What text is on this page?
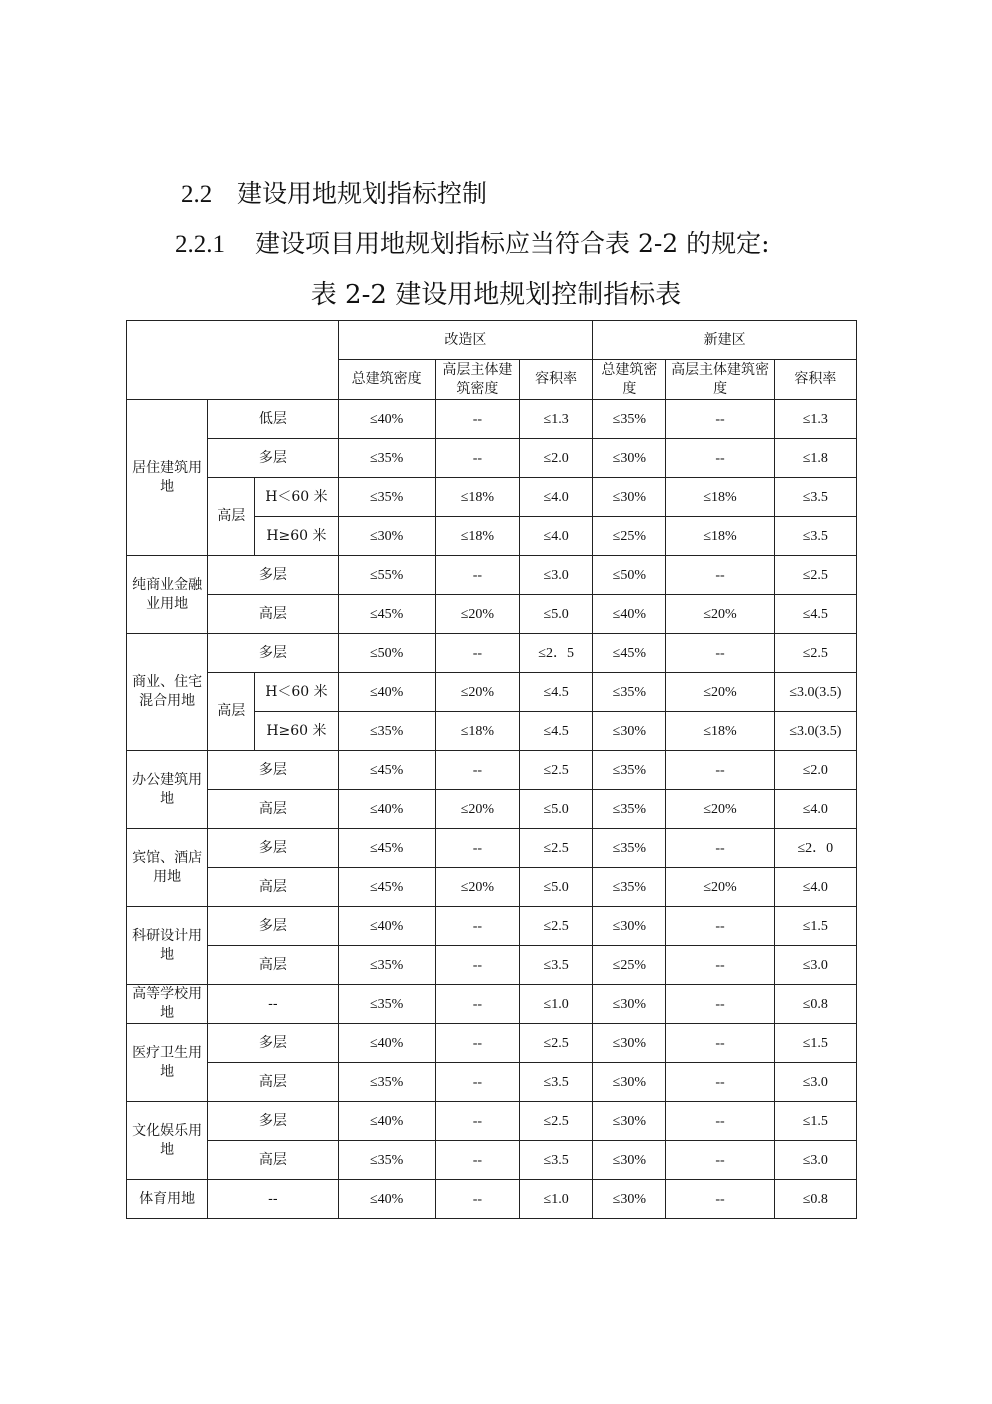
2.2 建设用地规划指标控制
2.2.1 建设项目用地规划指标应当符合表 2-2 的规定:
表 2-2 建设用地规划控制指标表
			改造区			新建区		
			总建筑密度	高层主体建筑密度	容积率	总建筑密度	高层主体建筑密度	容积率
居住建筑用地	低层		≤40%	--	≤1.3	≤35%	--	≤1.3
	多层		≤35%	--	≤2.0	≤30%	--	≤1.8
	高层	H＜60 米	≤35%	≤18%	≤4.0	≤30%	≤18%	≤3.5
		H≥60 米	≤30%	≤18%	≤4.0	≤25%	≤18%	≤3.5
纯商业金融业用地	多层		≤55%	--	≤3.0	≤50%	--	≤2.5
	高层		≤45%	≤20%	≤5.0	≤40%	≤20%	≤4.5
商业、住宅混合用地	多层		≤50%	--	≤2．5	≤45%	--	≤2.5
	高层	H＜60 米	≤40%	≤20%	≤4.5	≤35%	≤20%	≤3.0(3.5)
		H≥60 米	≤35%	≤18%	≤4.5	≤30%	≤18%	≤3.0(3.5)
办公建筑用地	多层		≤45%	--	≤2.5	≤35%	--	≤2.0
	高层		≤40%	≤20%	≤5.0	≤35%	≤20%	≤4.0
宾馆、酒店用地	多层		≤45%	--	≤2.5	≤35%	--	≤2．0
	高层		≤45%	≤20%	≤5.0	≤35%	≤20%	≤4.0
科研设计用地	多层		≤40%	--	≤2.5	≤30%	--	≤1.5
	高层		≤35%	--	≤3.5	≤25%	--	≤3.0
高等学校用地	--		≤35%	--	≤1.0	≤30%	--	≤0.8
医疗卫生用地	多层		≤40%	--	≤2.5	≤30%	--	≤1.5
	高层		≤35%	--	≤3.5	≤30%	--	≤3.0
文化娱乐用地	多层		≤40%	--	≤2.5	≤30%	--	≤1.5
	高层		≤35%	--	≤3.5	≤30%	--	≤3.0
体育用地	--		≤40%	--	≤1.0	≤30%	--	≤0.8
